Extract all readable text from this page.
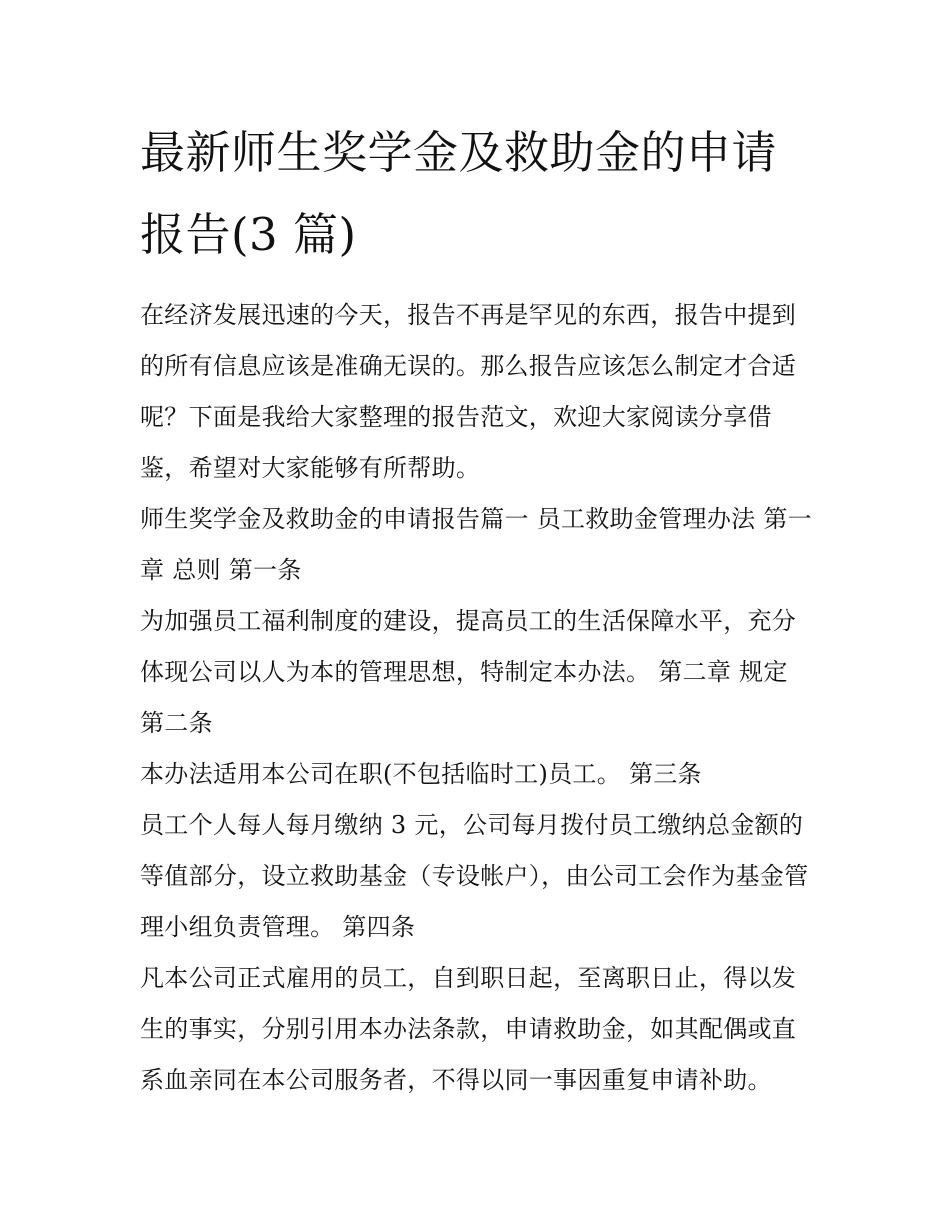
最新师生奖学金及救助金的申请报告(3 篇)

在经济发展迅速的今天，报告不再是罕见的东西，报告中提到的所有信息应该是准确无误的。那么报告应该怎么制定才合适呢？下面是我给大家整理的报告范文，欢迎大家阅读分享借鉴，希望对大家能够有所帮助。

师生奖学金及救助金的申请报告篇一 员工救助金管理办法 第一章 总则 第一条

为加强员工福利制度的建设，提高员工的生活保障水平，充分体现公司以人为本的管理思想，特制定本办法。 第二章 规定 第二条

本办法适用本公司在职(不包括临时工)员工。 第三条

员工个人每人每月缴纳 3 元，公司每月拨付员工缴纳总金额的等值部分，设立救助基金（专设帐户），由公司工会作为基金管理小组负责管理。 第四条

凡本公司正式雇用的员工，自到职日起，至离职日止，得以发生的事实，分别引用本办法条款，申请救助金，如其配偶或直系血亲同在本公司服务者，不得以同一事因重复申请补助。
